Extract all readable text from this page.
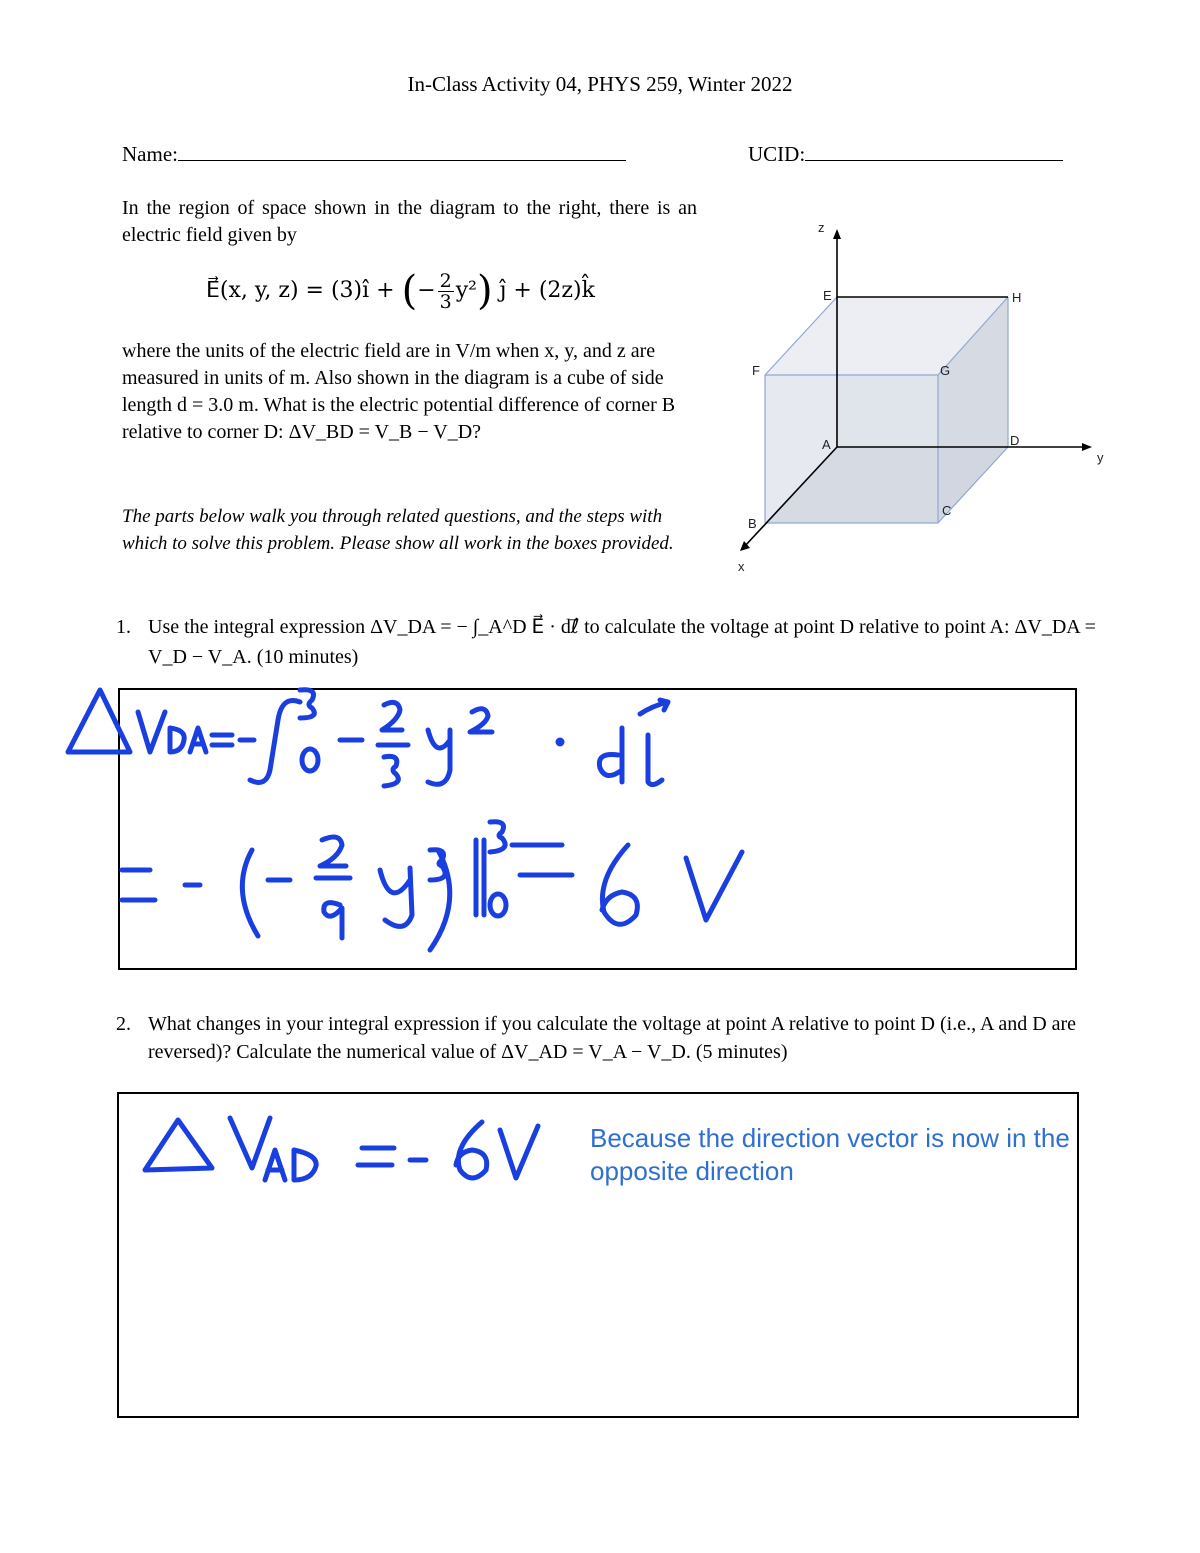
In-Class Activity 04, PHYS 259, Winter 2022
Name:	UCID:
In the region of space shown in the diagram to the right, there is an electric field given by
E⃗(x, y, z) = (3)î + (− $\frac{2}{3} y^2$) ĵ + (2z)k̂
where the units of the electric field are in V/m when x, y, and z are measured in units of m. Also shown in the diagram is a cube of side length d = 3.0 m. What is the electric potential difference of corner B relative to corner D: ΔV_BD = V_B − V_D?
The parts below walk you through related questions, and the steps with which to solve this problem. Please show all work in the boxes provided.
z
y
x
A
B
C
D
E
F	G
H
1. Use the integral expression ΔV_DA = − ∫_A^D E⃗ · dℓ⃗ to calculate the voltage at point D relative to point A: ΔV_DA = V_D − V_A. (10 minutes)
2. What changes in your integral expression if you calculate the voltage at point A relative to point D (i.e., A and D are reversed)? Calculate the numerical value of ΔV_AD = V_A − V_D. (5 minutes)
Because the direction vector is now in the opposite direction
